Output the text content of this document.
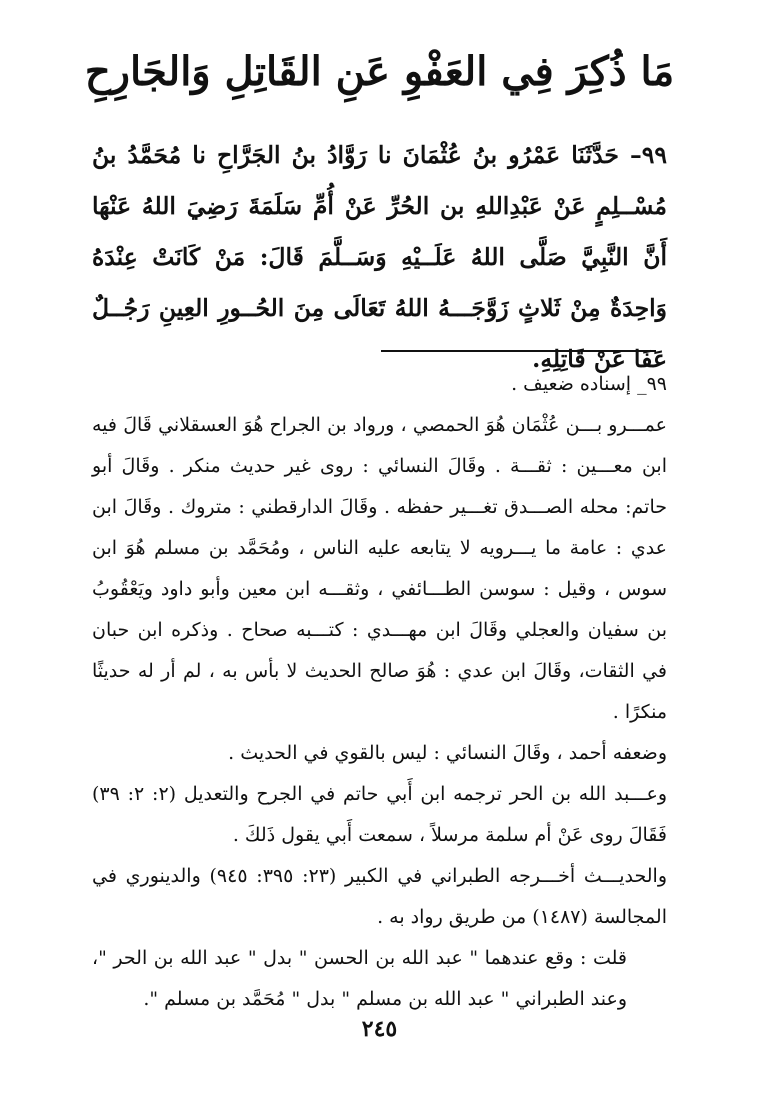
مَا ذُكِرَ فِي العَفْوِ عَنِ القَاتِلِ وَالجَارِحِ

٩٩– حَدَّثَنَا عَمْرُو بنُ عُثْمَانَ نا رَوَّادُ بنُ الجَرَّاحِ نا مُحَمَّدُ بنُ مُسْــلِمٍ عَنْ عَبْدِاللهِ بن الحُرِّ عَنْ أُمِّ سَلَمَةَ رَضِيَ اللهُ عَنْهَا أَنَّ النَّبِيَّ صَلَّى اللهُ عَلَــيْهِ وَسَــلَّمَ قَالَ: مَنْ كَانَتْ عِنْدَهُ وَاحِدَةٌ مِنْ ثَلاثٍ زَوَّجَـــهُ اللهُ تَعَالَى مِنَ الحُــورِ العِينِ رَجُــلٌ عَفَا عَنْ قَاتِلِهِ.

٩٩_ إسناده ضعيف .

عمـــرو بـــن عُثْمَان هُوَ الحمصي ، ورواد بن الجراح هُوَ العسقلاني قَالَ فيه ابن معـــين : ثقـــة . وقَالَ النسائي : روى غير حديث منكر . وقَالَ أبو حاتم: محله الصـــدق تغـــير حفظه . وقَالَ الدارقطني : متروك . وقَالَ ابن عدي : عامة ما يـــرويه لا يتابعه عليه الناس ، ومُحَمَّد بن مسلم هُوَ ابن سوس ، وقيل : سوسن الطـــائفي ، وثقـــه ابن معين وأبو داود ويَعْقُوبُ بن سفيان والعجلي وقَالَ ابن مهـــدي : كتـــبه صحاح . وذكره ابن حبان في الثقات، وقَالَ ابن عدي : هُوَ صالح الحديث لا بأس به ، لم أر له حديثًا منكرًا .

وضعفه أحمد ، وقَالَ النسائي : ليس بالقوي في الحديث .

وعـــبد الله بن الحر ترجمه ابن أَبي حاتم في الجرح والتعديل (٢: ٢: ٣٩) فَقَالَ روى عَنْ أم سلمة مرسلاً ، سمعت أَبي يقول ذَلكَ .

والحديـــث أخـــرجه الطبراني في الكبير (٢٣: ٣٩٥: ٩٤٥) والدينوري في المجالسة (١٤٨٧) من طريق رواد به .

قلت : وقع عندهما " عبد الله بن الحسن " بدل " عبد الله بن الحر "، وعند الطبراني " عبد الله بن مسلم " بدل " مُحَمَّد بن مسلم ".

٢٤٥
